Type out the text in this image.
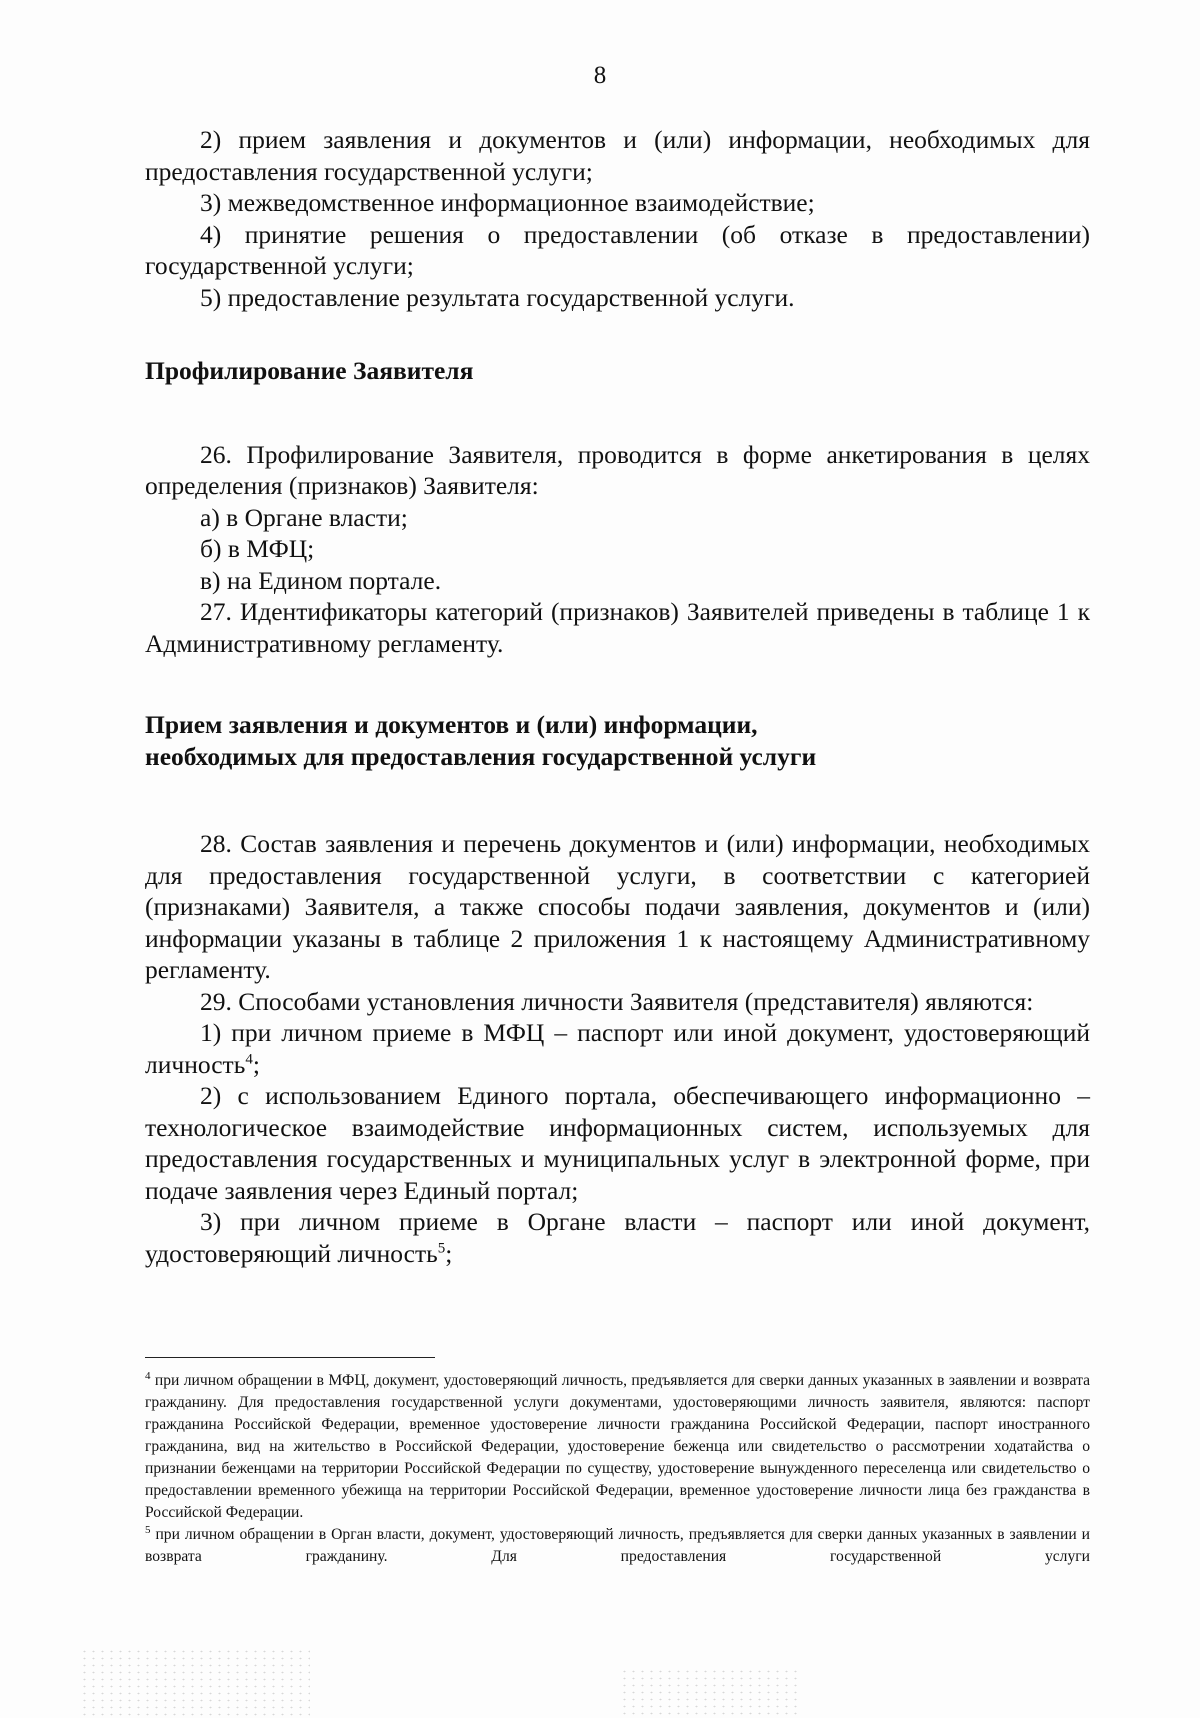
8

2) прием заявления и документов и (или) информации, необходимых для предоставления государственной услуги;

3) межведомственное информационное взаимодействие;

4) принятие решения о предоставлении (об отказе в предоставлении) государственной услуги;

5) предоставление результата государственной услуги.

Профилирование Заявителя

26. Профилирование Заявителя, проводится в форме анкетирования в целях определения (признаков) Заявителя:

а) в Органе власти;

б) в МФЦ;

в) на Едином портале.

27. Идентификаторы категорий (признаков) Заявителей приведены в таблице 1 к Административному регламенту.

Прием заявления и документов и (или) информации,

необходимых для предоставления государственной услуги

28. Состав заявления и перечень документов и (или) информации, необходимых для предоставления государственной услуги, в соответствии с категорией (признаками) Заявителя, а также способы подачи заявления, документов и (или) информации указаны в таблице 2 приложения 1 к настоящему Административному регламенту.

29. Способами установления личности Заявителя (представителя) являются:

1) при личном приеме в МФЦ – паспорт или иной документ, удостоверяющий личность$^4$;

2) с использованием Единого портала, обеспечивающего информационно – технологическое взаимодействие информационных систем, используемых для предоставления государственных и муниципальных услуг в электронной форме, при подаче заявления через Единый портал;

3) при личном приеме в Органе власти – паспорт или иной документ, удостоверяющий личность$^5$;

$^4$ при личном обращении в МФЦ, документ, удостоверяющий личность, предъявляется для сверки данных указанных в заявлении и возврата гражданину. Для предоставления государственной услуги документами, удостоверяющими личность заявителя, являются: паспорт гражданина Российской Федерации, временное удостоверение личности гражданина Российской Федерации, паспорт иностранного гражданина, вид на жительство в Российской Федерации, удостоверение беженца или свидетельство о рассмотрении ходатайства о признании беженцами на территории Российской Федерации по существу, удостоверение вынужденного переселенца или свидетельство о предоставлении временного убежища на территории Российской Федерации, временное удостоверение личности лица без гражданства в Российской Федерации.

$^5$ при личном обращении в Орган власти, документ, удостоверяющий личность, предъявляется для сверки данных указанных в заявлении и возврата гражданину. Для предоставления государственной услуги
